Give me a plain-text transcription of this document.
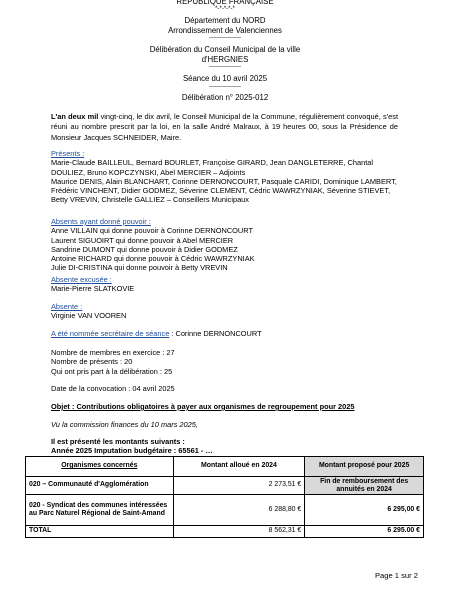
REPUBLIQUE FRANÇAISE
*-*-*-*-*
Département du NORD
Arrondissement de Valenciennes
----------------
Délibération du Conseil Municipal de la ville
d'HERGNIES
----------------
Séance du 10 avril 2025
----------------
Délibération n° 2025-012
L'an deux mil vingt-cinq, le dix avril, le Conseil Municipal de la Commune, régulièrement convoqué, s'est réuni au nombre prescrit par la loi, en la salle André Malraux, à 19 heures 00, sous la Présidence de Monsieur Jacques SCHNEIDER, Maire.
Présents :
Marie-Claude BAILLEUL, Bernard BOURLET, Françoise GIRARD, Jean DANGLETERRE, Chantal
DOULIEZ, Bruno KOPCZYNSKI, Abel MERCIER – Adjoints
Maurice DENIS, Alain BLANCHART, Corinne DERNONCOURT, Pasquale CARIDI, Dominique LAMBERT,
Frédéric VINCHENT, Didier GODMEZ, Séverine CLEMENT, Cédric WAWRZYNIAK, Séverine STIEVET,
Betty VREVIN, Christelle GALLIEZ – Conseillers Municipaux
Absents ayant donné pouvoir :
Anne VILLAIN qui donne pouvoir à Corinne DERNONCOURT
Laurent SIGUOIRT qui donne pouvoir à Abel MERCIER
Sandrine DUMONT qui donne pouvoir à Didier GODMEZ
Antoine RICHARD qui donne pouvoir à Cédric WAWRZYNIAK
Julie DI-CRISTINA qui donne pouvoir à Betty VREVIN
Absente excusée :
Marie-Pierre SLATKOVIE
Absente :
Virginie VAN VOOREN
A été nommée secrétaire de séance : Corinne DERNONCOURT
Nombre de membres en exercice : 27
Nombre de présents : 20
Qui ont pris part à la délibération : 25
Date de la convocation : 04 avril 2025
Objet : Contributions obligatoires à payer aux organismes de regroupement pour 2025
Vu la commission finances du 10 mars 2025,
Il est présenté les montants suivants :
Année 2025 Imputation budgétaire : 65561 - …
Organismes concernés	Montant alloué en 2024	Montant proposé pour 2025
020 – Communauté d'Agglomération	2 273,51 €	Fin de remboursement des annuités en 2024
020 - Syndicat des communes intéressées au Parc Naturel Régional de Saint-Amand	6 288,80 €	6 295,00 €
TOTAL	8 562,31 €	6 295.00 €
Page 1 sur 2
